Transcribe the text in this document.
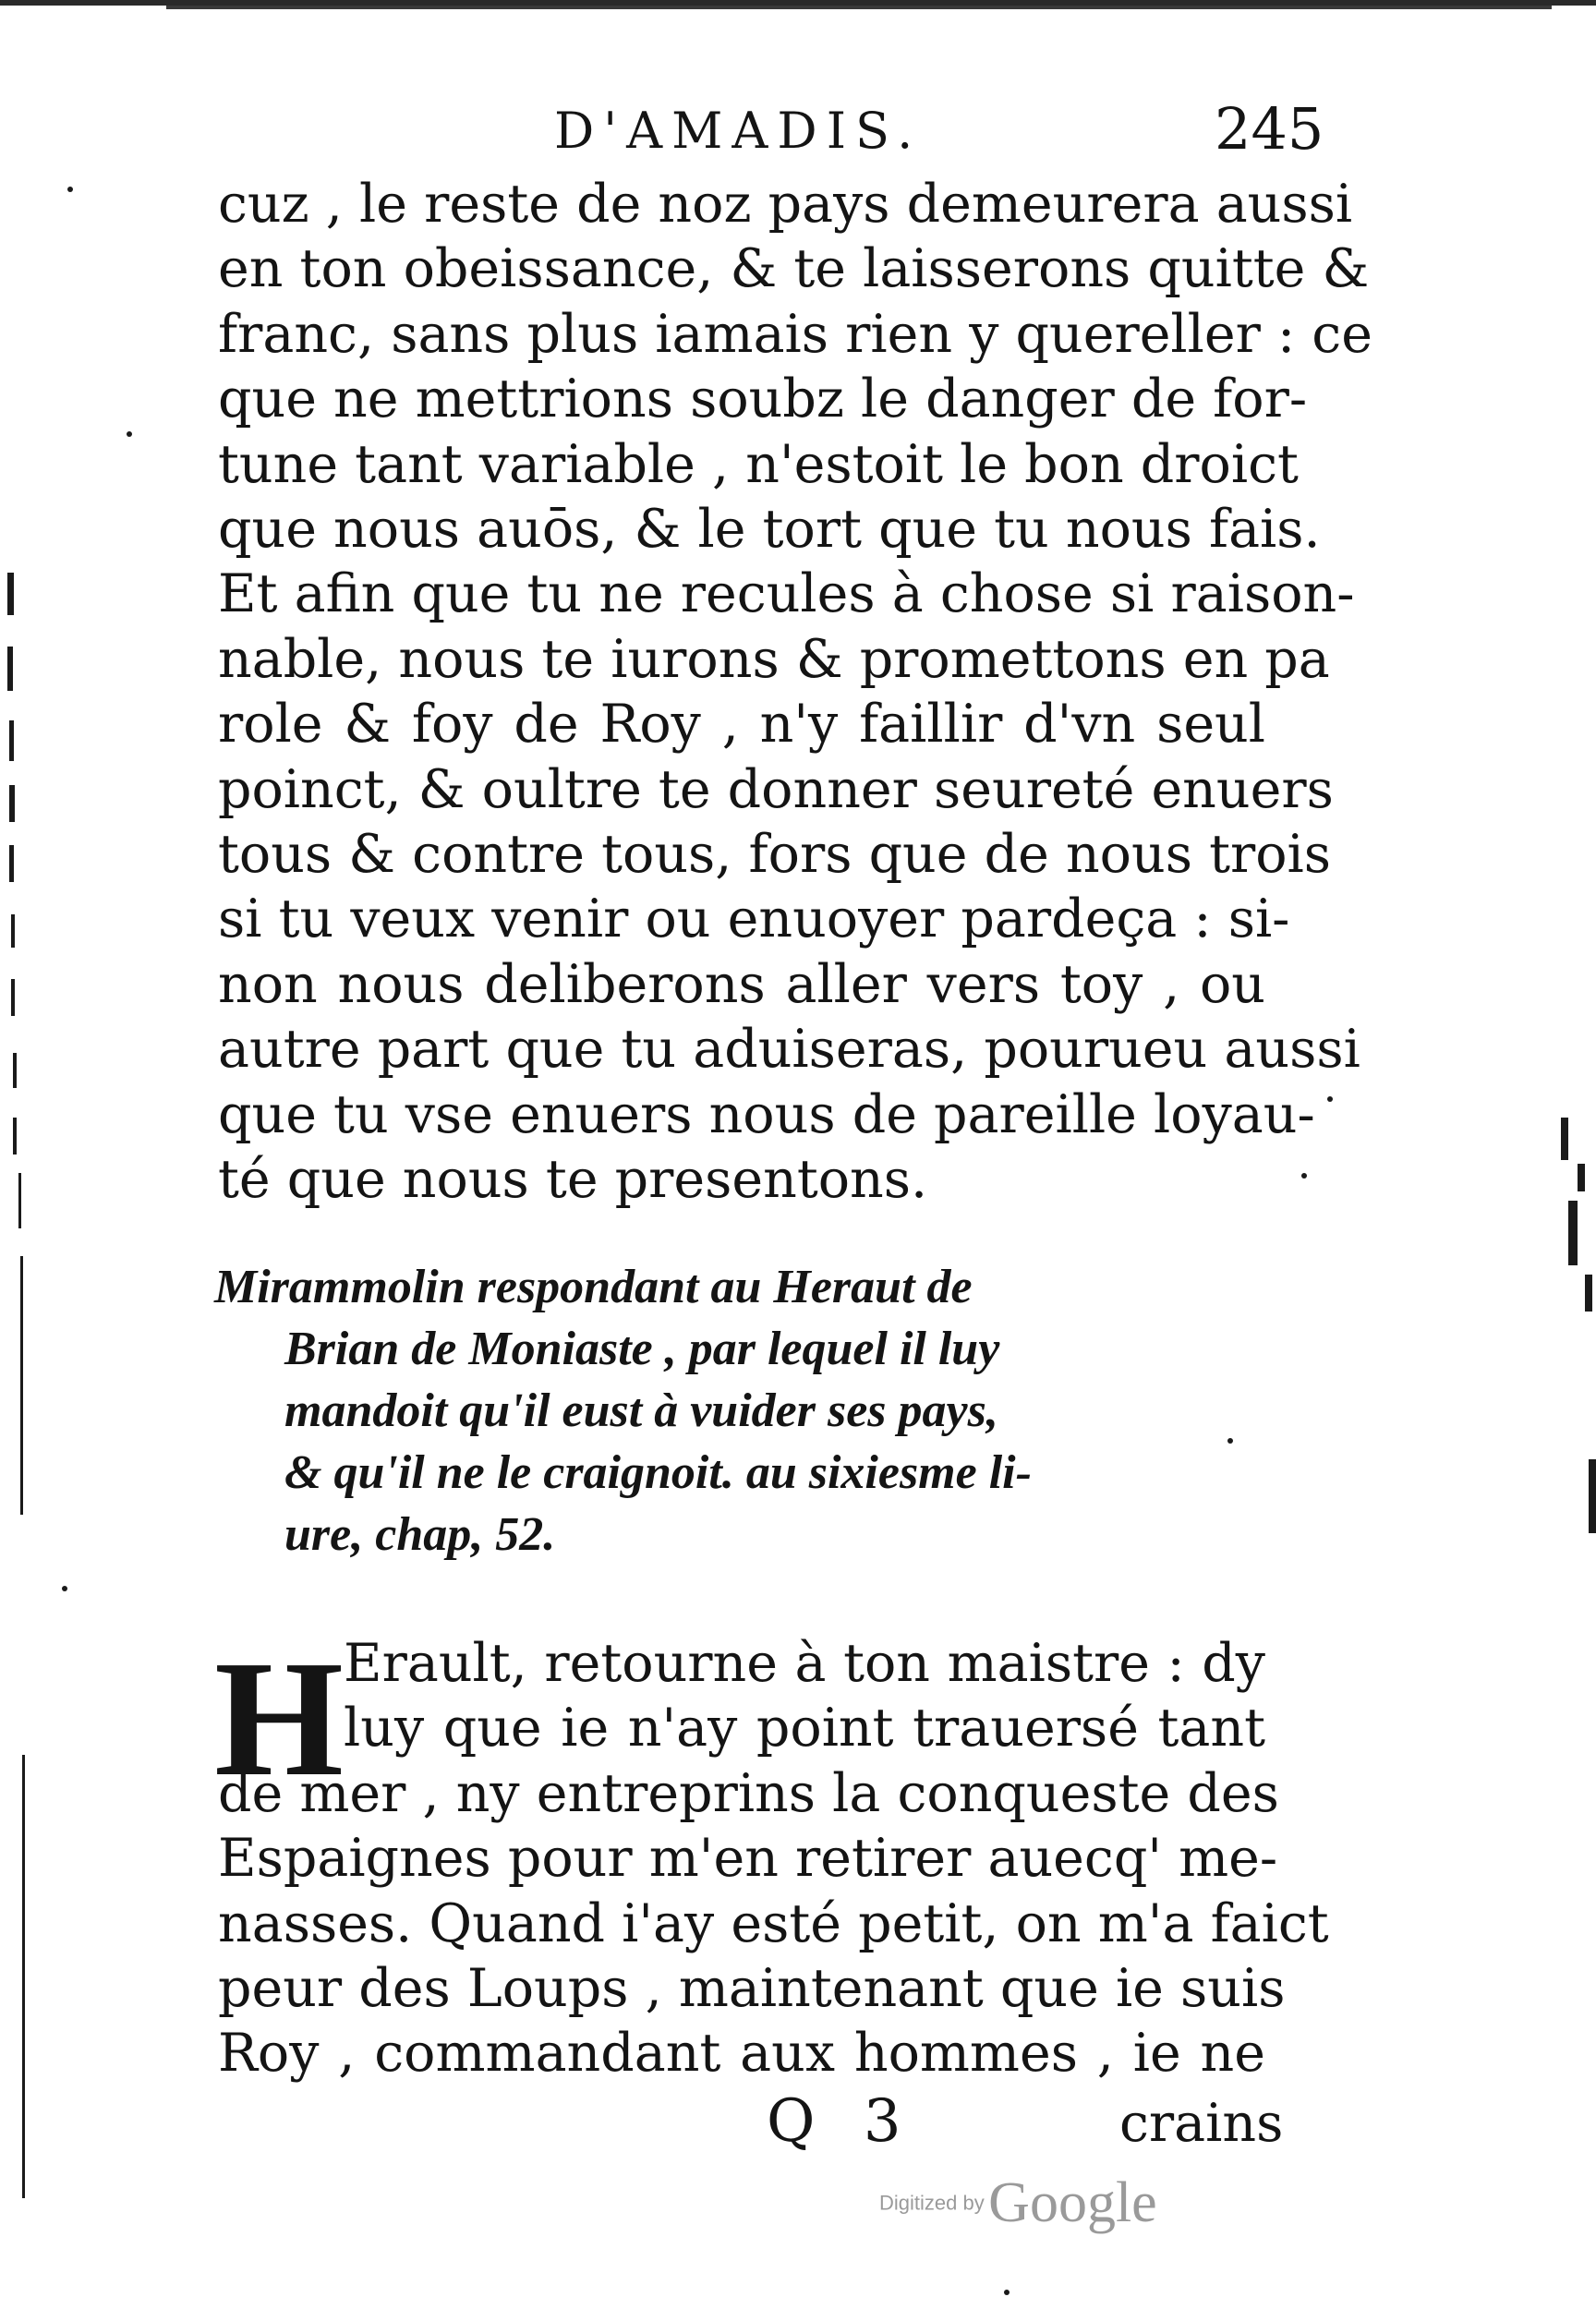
D'AMADIS.	245
cuz , le reste de noz pays demeurera aussi
en ton obeissance, & te laisserons quitte &
franc, sans plus iamais rien y quereller : ce
que ne mettrions soubz le danger de for-
tune tant variable , n'estoit le bon droict
que nous auōs, & le tort que tu nous fais.
Et afin que tu ne recules à chose si raison-
nable, nous te iurons & promettons en pa
role & foy de Roy , n'y faillir d'vn seul
poinct, & oultre te donner seureté enuers
tous & contre tous, fors que de nous trois
si tu veux venir ou enuoyer pardeça : si-
non nous deliberons aller vers toy , ou
autre part que tu aduiseras, pourueu aussi
que tu vse enuers nous de pareille loyau-
té que nous te presentons.
Mirammolin respondant au Heraut de
Brian de Moniaste , par lequel il luy
mandoit qu'il eust à vuider ses pays,
& qu'il ne le craignoit. au sixiesme li-
ure, chap, 52.
H Erault, retourne à ton maistre : dy
luy que ie n'ay point trauersé tant
de mer , ny entreprins la conqueste des
Espaignes pour m'en retirer auecq' me-
nasses. Quand i'ay esté petit, on m'a faict
peur des Loups , maintenant que ie suis
Roy , commandant aux hommes , ie ne
Q 3	crains
Digitized by Google
